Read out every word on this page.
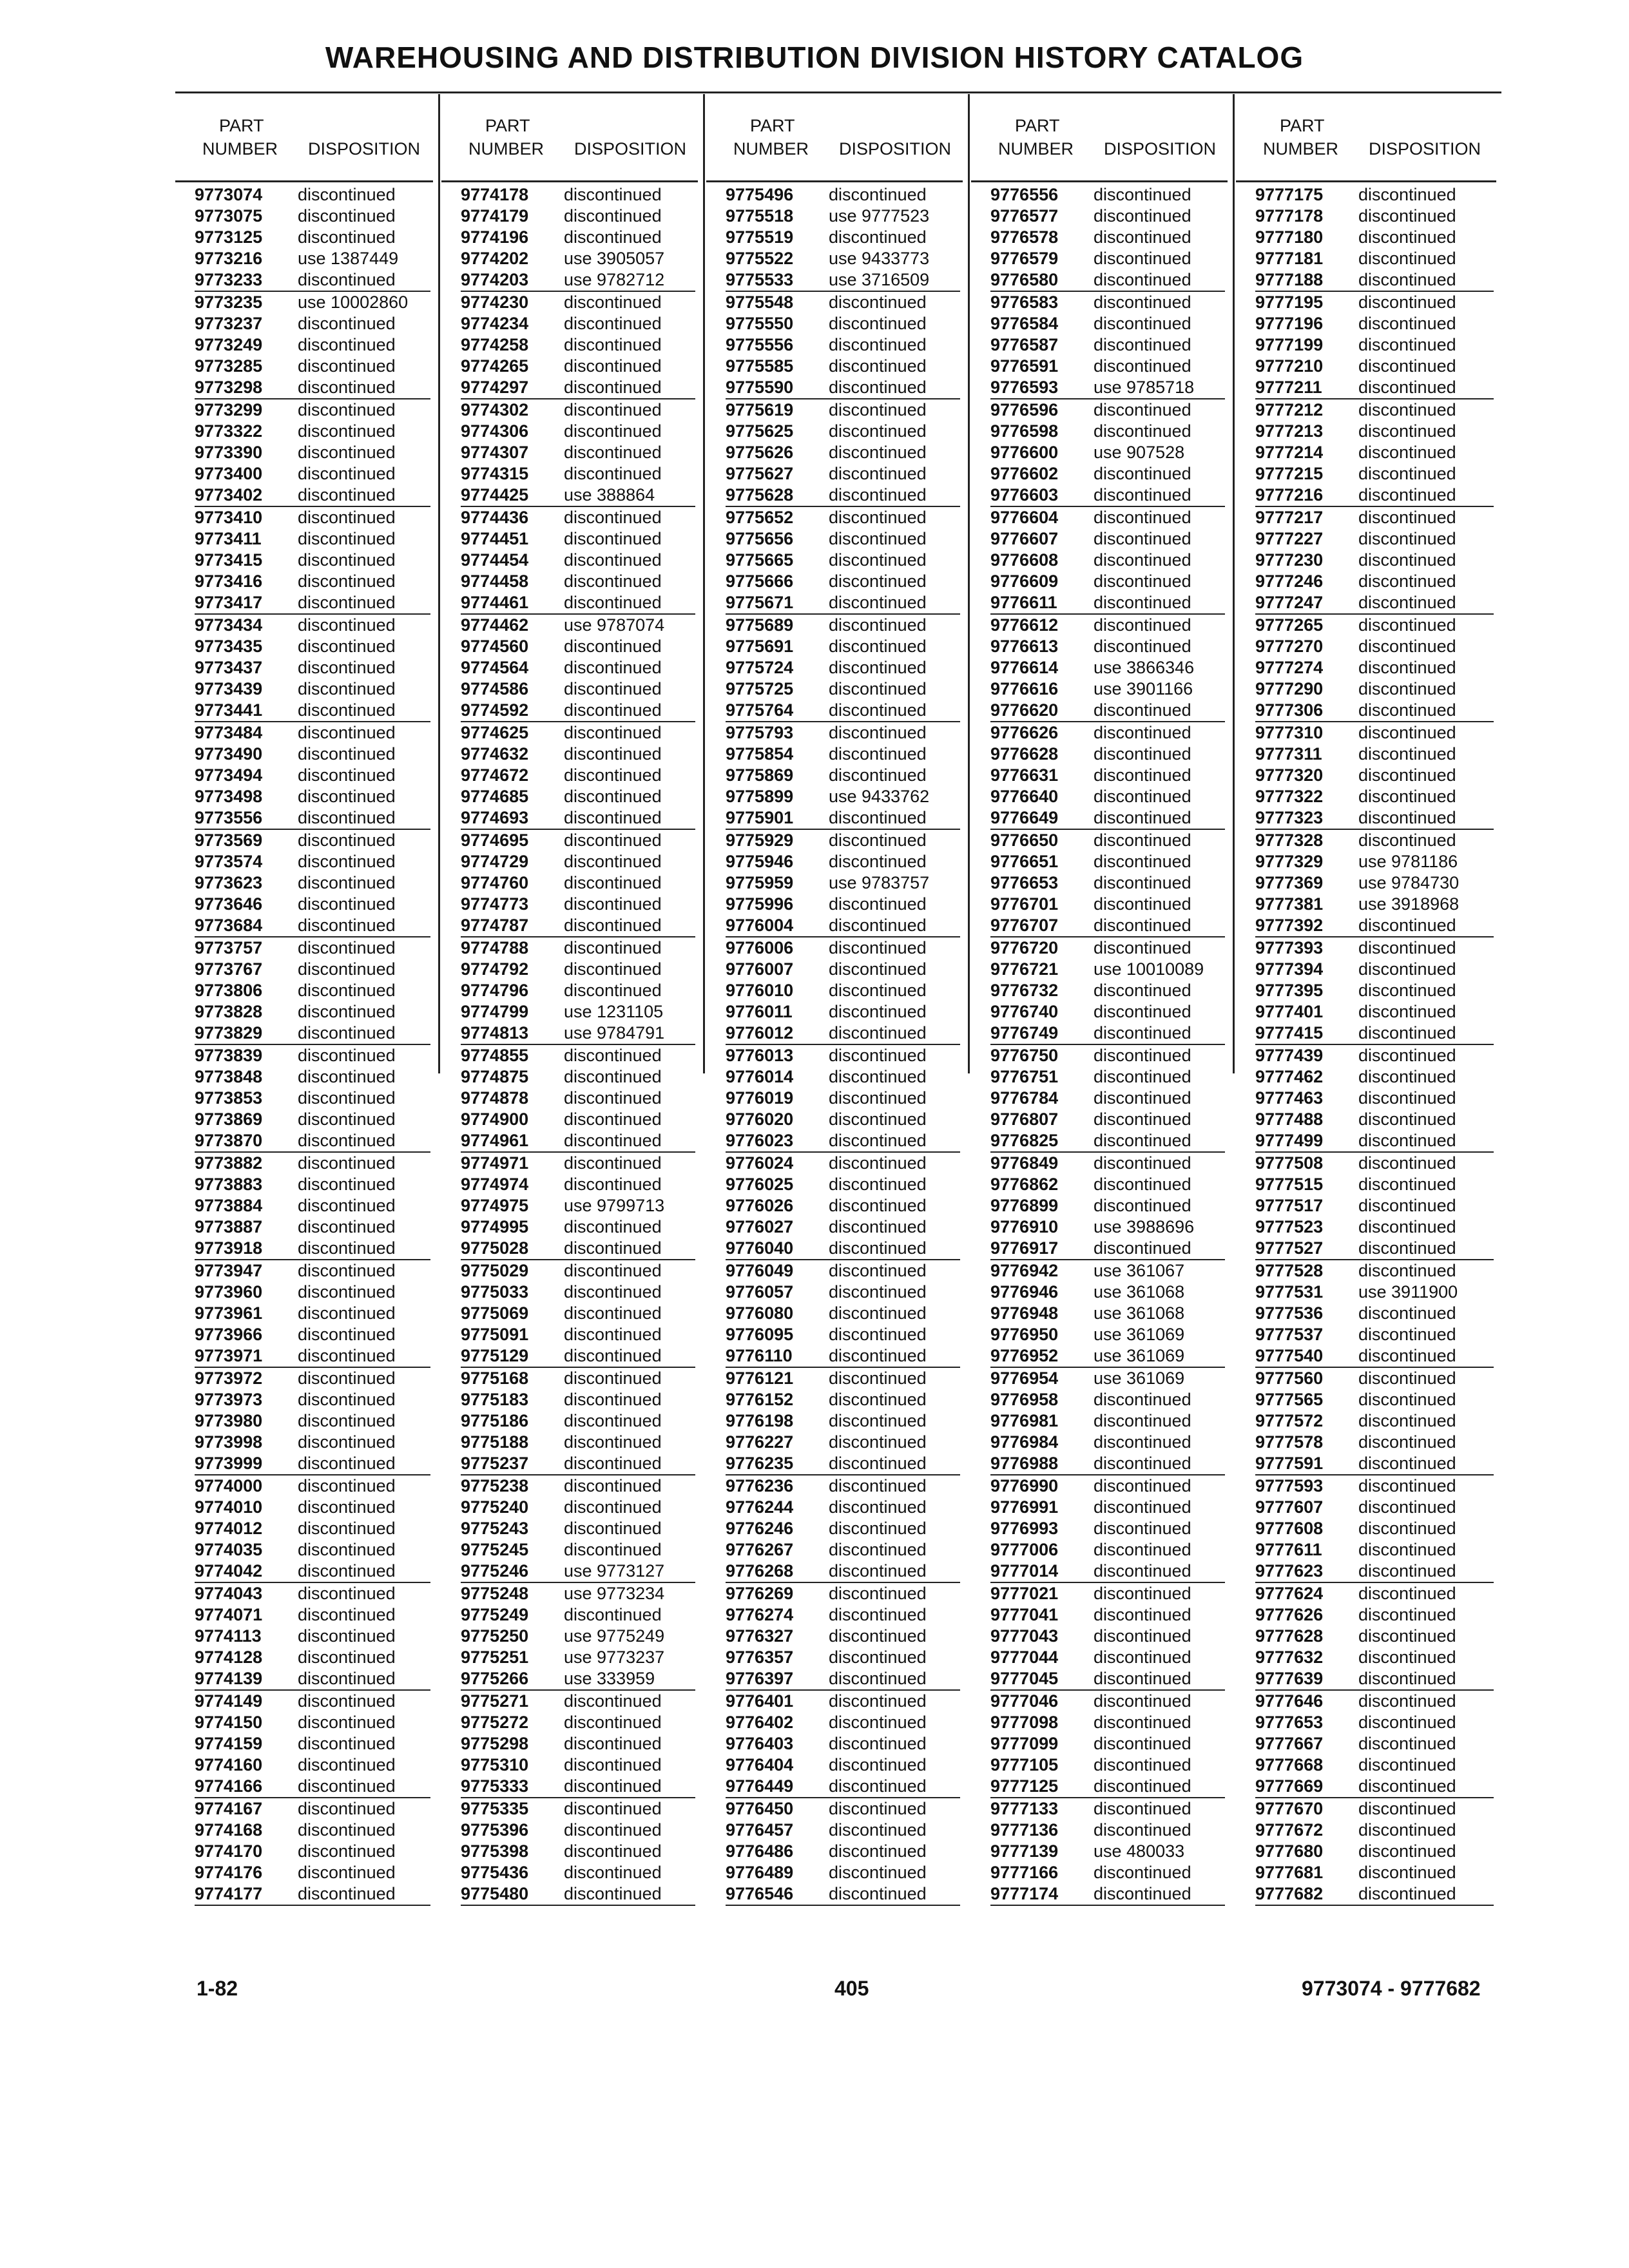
WAREHOUSING AND DISTRIBUTION DIVISION HISTORY CATALOG
PART
NUMBER DISPOSITION
9773074 discontinued
9773075 discontinued
9773125 discontinued
9773216 use 1387449
9773233 discontinued
9773235 use 10002860
9773237 discontinued
9773249 discontinued
9773285 discontinued
9773298 discontinued
9773299 discontinued
9773322 discontinued
9773390 discontinued
9773400 discontinued
9773402 discontinued
9773410 discontinued
9773411 discontinued
9773415 discontinued
9773416 discontinued
9773417 discontinued
9773434 discontinued
9773435 discontinued
9773437 discontinued
9773439 discontinued
9773441 discontinued
9773484 discontinued
9773490 discontinued
9773494 discontinued
9773498 discontinued
9773556 discontinued
9773569 discontinued
9773574 discontinued
9773623 discontinued
9773646 discontinued
9773684 discontinued
9773757 discontinued
9773767 discontinued
9773806 discontinued
9773828 discontinued
9773829 discontinued
9773839 discontinued
9773848 discontinued
9773853 discontinued
9773869 discontinued
9773870 discontinued
9773882 discontinued
9773883 discontinued
9773884 discontinued
9773887 discontinued
9773918 discontinued
9773947 discontinued
9773960 discontinued
9773961 discontinued
9773966 discontinued
9773971 discontinued
9773972 discontinued
9773973 discontinued
9773980 discontinued
9773998 discontinued
9773999 discontinued
9774000 discontinued
9774010 discontinued
9774012 discontinued
9774035 discontinued
9774042 discontinued
9774043 discontinued
9774071 discontinued
9774113 discontinued
9774128 discontinued
9774139 discontinued
9774149 discontinued
9774150 discontinued
9774159 discontinued
9774160 discontinued
9774166 discontinued
9774167 discontinued
9774168 discontinued
9774170 discontinued
9774176 discontinued
9774177 discontinued
PART
NUMBER DISPOSITION
9774178 discontinued
9774179 discontinued
9774196 discontinued
9774202 use 3905057
9774203 use 9782712
9774230 discontinued
9774234 discontinued
9774258 discontinued
9774265 discontinued
9774297 discontinued
9774302 discontinued
9774306 discontinued
9774307 discontinued
9774315 discontinued
9774425 use 388864
9774436 discontinued
9774451 discontinued
9774454 discontinued
9774458 discontinued
9774461 discontinued
9774462 use 9787074
9774560 discontinued
9774564 discontinued
9774586 discontinued
9774592 discontinued
9774625 discontinued
9774632 discontinued
9774672 discontinued
9774685 discontinued
9774693 discontinued
9774695 discontinued
9774729 discontinued
9774760 discontinued
9774773 discontinued
9774787 discontinued
9774788 discontinued
9774792 discontinued
9774796 discontinued
9774799 use 1231105
9774813 use 9784791
9774855 discontinued
9774875 discontinued
9774878 discontinued
9774900 discontinued
9774961 discontinued
9774971 discontinued
9774974 discontinued
9774975 use 9799713
9774995 discontinued
9775028 discontinued
9775029 discontinued
9775033 discontinued
9775069 discontinued
9775091 discontinued
9775129 discontinued
9775168 discontinued
9775183 discontinued
9775186 discontinued
9775188 discontinued
9775237 discontinued
9775238 discontinued
9775240 discontinued
9775243 discontinued
9775245 discontinued
9775246 use 9773127
9775248 use 9773234
9775249 discontinued
9775250 use 9775249
9775251 use 9773237
9775266 use 333959
9775271 discontinued
9775272 discontinued
9775298 discontinued
9775310 discontinued
9775333 discontinued
9775335 discontinued
9775396 discontinued
9775398 discontinued
9775436 discontinued
9775480 discontinued
PART
NUMBER DISPOSITION
9775496 discontinued
9775518 use 9777523
9775519 discontinued
9775522 use 9433773
9775533 use 3716509
9775548 discontinued
9775550 discontinued
9775556 discontinued
9775585 discontinued
9775590 discontinued
9775619 discontinued
9775625 discontinued
9775626 discontinued
9775627 discontinued
9775628 discontinued
9775652 discontinued
9775656 discontinued
9775665 discontinued
9775666 discontinued
9775671 discontinued
9775689 discontinued
9775691 discontinued
9775724 discontinued
9775725 discontinued
9775764 discontinued
9775793 discontinued
9775854 discontinued
9775869 discontinued
9775899 use 9433762
9775901 discontinued
9775929 discontinued
9775946 discontinued
9775959 use 9783757
9775996 discontinued
9776004 discontinued
9776006 discontinued
9776007 discontinued
9776010 discontinued
9776011 discontinued
9776012 discontinued
9776013 discontinued
9776014 discontinued
9776019 discontinued
9776020 discontinued
9776023 discontinued
9776024 discontinued
9776025 discontinued
9776026 discontinued
9776027 discontinued
9776040 discontinued
9776049 discontinued
9776057 discontinued
9776080 discontinued
9776095 discontinued
9776110 discontinued
9776121 discontinued
9776152 discontinued
9776198 discontinued
9776227 discontinued
9776235 discontinued
9776236 discontinued
9776244 discontinued
9776246 discontinued
9776267 discontinued
9776268 discontinued
9776269 discontinued
9776274 discontinued
9776327 discontinued
9776357 discontinued
9776397 discontinued
9776401 discontinued
9776402 discontinued
9776403 discontinued
9776404 discontinued
9776449 discontinued
9776450 discontinued
9776457 discontinued
9776486 discontinued
9776489 discontinued
9776546 discontinued
PART
NUMBER DISPOSITION
9776556 discontinued
9776577 discontinued
9776578 discontinued
9776579 discontinued
9776580 discontinued
9776583 discontinued
9776584 discontinued
9776587 discontinued
9776591 discontinued
9776593 use 9785718
9776596 discontinued
9776598 discontinued
9776600 use 907528
9776602 discontinued
9776603 discontinued
9776604 discontinued
9776607 discontinued
9776608 discontinued
9776609 discontinued
9776611 discontinued
9776612 discontinued
9776613 discontinued
9776614 use 3866346
9776616 use 3901166
9776620 discontinued
9776626 discontinued
9776628 discontinued
9776631 discontinued
9776640 discontinued
9776649 discontinued
9776650 discontinued
9776651 discontinued
9776653 discontinued
9776701 discontinued
9776707 discontinued
9776720 discontinued
9776721 use 10010089
9776732 discontinued
9776740 discontinued
9776749 discontinued
9776750 discontinued
9776751 discontinued
9776784 discontinued
9776807 discontinued
9776825 discontinued
9776849 discontinued
9776862 discontinued
9776899 discontinued
9776910 use 3988696
9776917 discontinued
9776942 use 361067
9776946 use 361068
9776948 use 361068
9776950 use 361069
9776952 use 361069
9776954 use 361069
9776958 discontinued
9776981 discontinued
9776984 discontinued
9776988 discontinued
9776990 discontinued
9776991 discontinued
9776993 discontinued
9777006 discontinued
9777014 discontinued
9777021 discontinued
9777041 discontinued
9777043 discontinued
9777044 discontinued
9777045 discontinued
9777046 discontinued
9777098 discontinued
9777099 discontinued
9777105 discontinued
9777125 discontinued
9777133 discontinued
9777136 discontinued
9777139 use 480033
9777166 discontinued
9777174 discontinued
PART
NUMBER DISPOSITION
9777175 discontinued
9777178 discontinued
9777180 discontinued
9777181 discontinued
9777188 discontinued
9777195 discontinued
9777196 discontinued
9777199 discontinued
9777210 discontinued
9777211 discontinued
9777212 discontinued
9777213 discontinued
9777214 discontinued
9777215 discontinued
9777216 discontinued
9777217 discontinued
9777227 discontinued
9777230 discontinued
9777246 discontinued
9777247 discontinued
9777265 discontinued
9777270 discontinued
9777274 discontinued
9777290 discontinued
9777306 discontinued
9777310 discontinued
9777311 discontinued
9777320 discontinued
9777322 discontinued
9777323 discontinued
9777328 discontinued
9777329 use 9781186
9777369 use 9784730
9777381 use 3918968
9777392 discontinued
9777393 discontinued
9777394 discontinued
9777395 discontinued
9777401 discontinued
9777415 discontinued
9777439 discontinued
9777462 discontinued
9777463 discontinued
9777488 discontinued
9777499 discontinued
9777508 discontinued
9777515 discontinued
9777517 discontinued
9777523 discontinued
9777527 discontinued
9777528 discontinued
9777531 use 3911900
9777536 discontinued
9777537 discontinued
9777540 discontinued
9777560 discontinued
9777565 discontinued
9777572 discontinued
9777578 discontinued
9777591 discontinued
9777593 discontinued
9777607 discontinued
9777608 discontinued
9777611 discontinued
9777623 discontinued
9777624 discontinued
9777626 discontinued
9777628 discontinued
9777632 discontinued
9777639 discontinued
9777646 discontinued
9777653 discontinued
9777667 discontinued
9777668 discontinued
9777669 discontinued
9777670 discontinued
9777672 discontinued
9777680 discontinued
9777681 discontinued
9777682 discontinued
1-82	405	9773074 - 9777682
